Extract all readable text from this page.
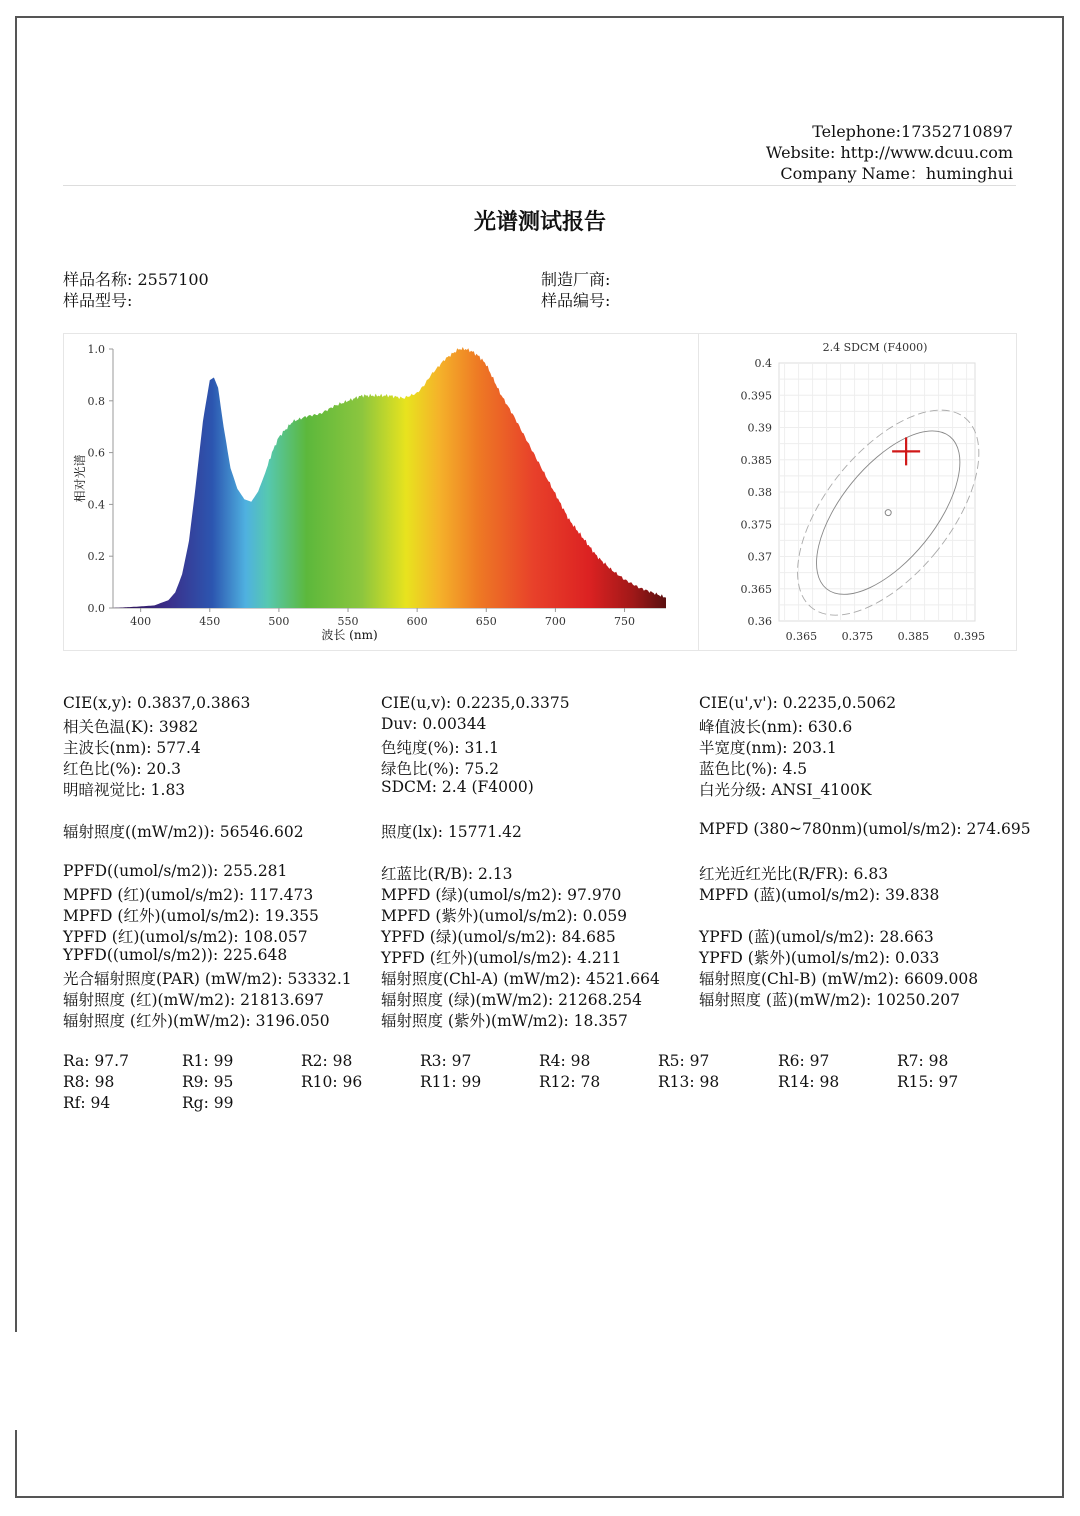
Telephone:17352710897
Website: http://www.dcuu.com
Company Name：huminghui
光谱测试报告
样品名称: 2557100	制造厂商:
样品型号:	样品编号:
0.0
0.2
0.4
0.6
0.8
1.0
400	450	500	550	600	650	700	750
波长 (nm)
相对光谱
2.4 SDCM (F4000)
0.4
0.395
0.39
0.385
0.38
0.375
0.37
0.365
0.36
0.365 0.375 0.385 0.395
CIE(x,y): 0.3837,0.3863	CIE(u,v): 0.2235,0.3375	CIE(u',v'): 0.2235,0.5062
相关色温(K): 3982	Duv: 0.00344	峰值波长(nm): 630.6
主波长(nm): 577.4	色纯度(%): 31.1	半宽度(nm): 203.1
红色比(%): 20.3	绿色比(%): 75.2	蓝色比(%): 4.5
明暗视觉比: 1.83	SDCM: 2.4 (F4000)	白光分级: ANSI_4100K
辐射照度((mW/m2)): 56546.602	照度(lx): 15771.42	MPFD (380~780nm)(umol/s/m2): 274.695
PPFD((umol/s/m2)): 255.281	红蓝比(R/B): 2.13	红光近红光比(R/FR): 6.83
MPFD (红)(umol/s/m2): 117.473	MPFD (绿)(umol/s/m2): 97.970	MPFD (蓝)(umol/s/m2): 39.838
MPFD (红外)(umol/s/m2): 19.355	MPFD (紫外)(umol/s/m2): 0.059
YPFD (红)(umol/s/m2): 108.057	YPFD (绿)(umol/s/m2): 84.685	YPFD (蓝)(umol/s/m2): 28.663
YPFD((umol/s/m2)): 225.648	YPFD (红外)(umol/s/m2): 4.211	YPFD (紫外)(umol/s/m2): 0.033
光合辐射照度(PAR) (mW/m2): 53332.1 辐射照度(Chl-A) (mW/m2): 4521.664	辐射照度(Chl-B) (mW/m2): 6609.008
辐射照度 (红)(mW/m2): 21813.697	辐射照度 (绿)(mW/m2): 21268.254	辐射照度 (蓝)(mW/m2): 10250.207
辐射照度 (红外)(mW/m2): 3196.050	辐射照度 (紫外)(mW/m2): 18.357
Ra: 97.7	R1: 99	R2: 98	R3: 97	R4: 98	R5: 97	R6: 97	R7: 98
R8: 98	R9: 95	R10: 96	R11: 99	R12: 78	R13: 98	R14: 98	R15: 97
Rf: 94	Rg: 99
